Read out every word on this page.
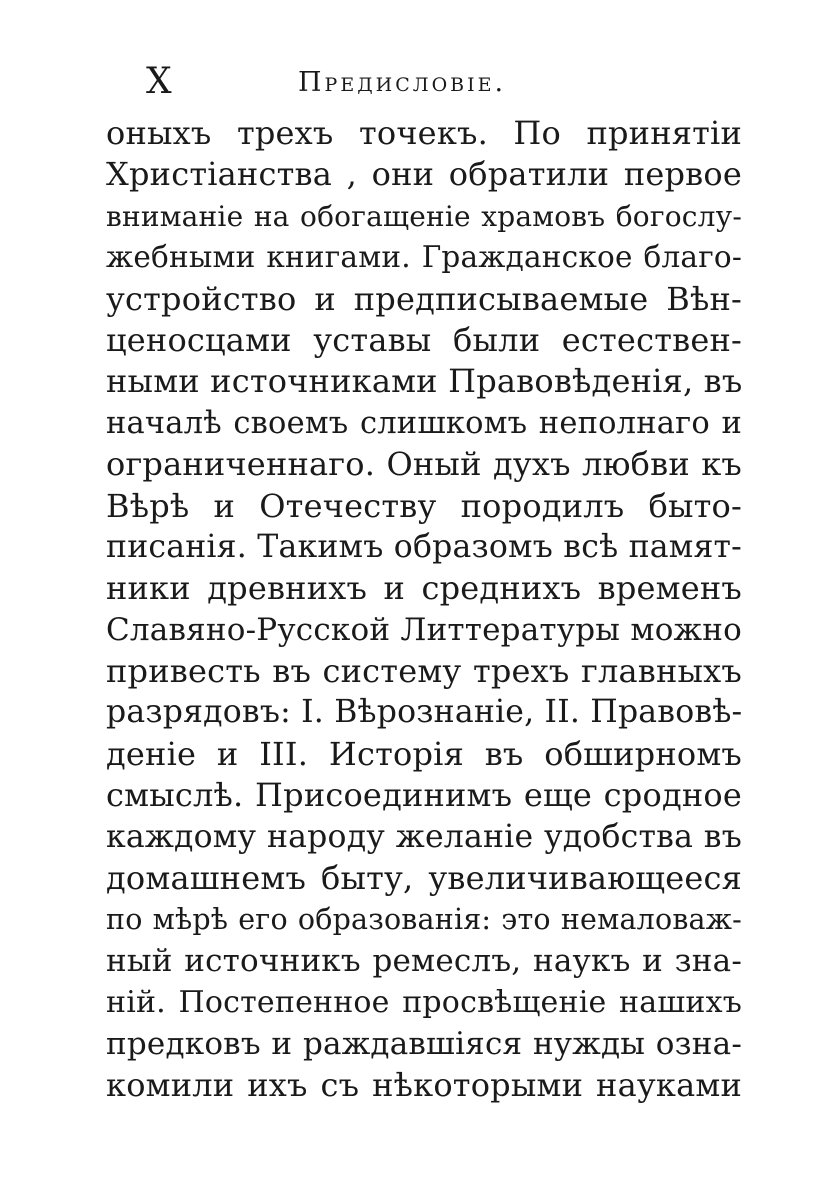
X	Предисловіе.
оныхъ трехъ точекъ. По принятіи
Христіанства , они обратили первое
вниманіе на обогащеніе храмовъ богослу-
жебными книгами. Гражданское благо-
устройство и предписываемые Вѣн-
ценосцами уставы были естествен-
ными источниками Правовѣденія, въ
началѣ своемъ слишкомъ неполнаго и
ограниченнаго. Оный духъ любви къ
Вѣрѣ и Отечеству породилъ быто-
писанія. Такимъ образомъ всѣ памят-
ники древнихъ и среднихъ временъ
Славяно-Русской Литтературы можно
привесть въ систему трехъ главныхъ
разрядовъ: I. Вѣрознаніе, II. Правовѣ-
деніе и III. Исторія въ обширномъ
смыслѣ. Присоединимъ еще сродное
каждому народу желаніе удобства въ
домашнемъ быту, увеличивающееся
по мѣрѣ его образованія: это немаловаж-
ный источникъ ремеслъ, наукъ и зна-
ній. Постепенное просвѣщеніе нашихъ
предковъ и раждавшіяся нужды озна-
комили ихъ съ нѣкоторыми науками
